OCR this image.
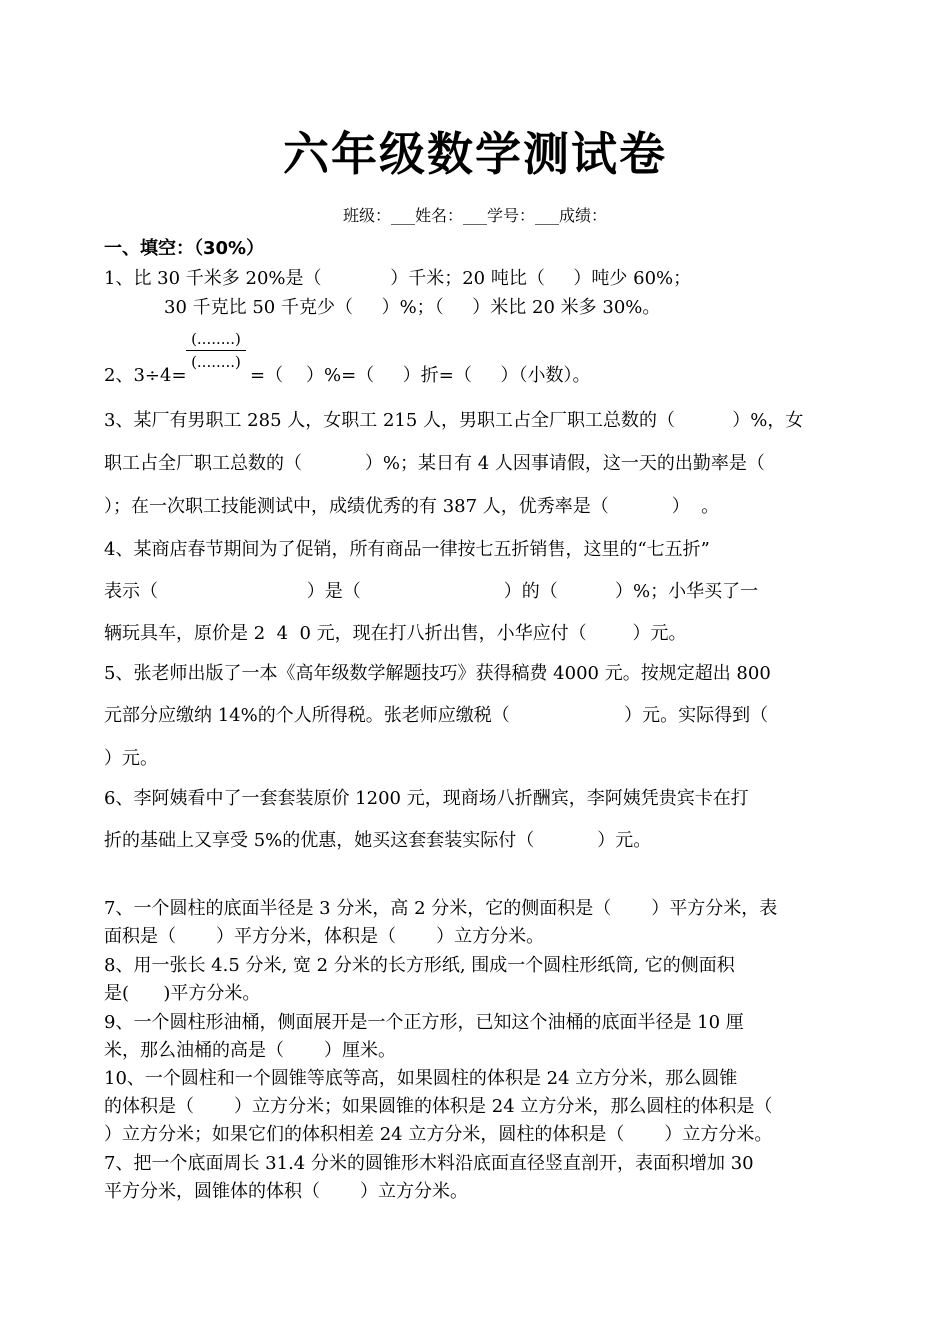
六年级数学测试卷
班级：___姓名：___学号：___成绩：
一、填空：（30%）
1、比 30 千米多 20%是（            ）千米；20 吨比（     ）吨少 60%；
30 千克比 50 千克少（     ）%；（     ）米比 20 米多 30%。
(........)
(........)
2、3÷4=	=（    ）%=（     ）折=（     ）（小数）。
3、某厂有男职工 285 人，女职工 215 人，男职工占全厂职工总数的（          ）%，女
职工占全厂职工总数的（           ）%；某日有 4 人因事请假，这一天的出勤率是（
）；在一次职工技能测试中，成绩优秀的有 387 人，优秀率是（           ）  。
4、某商店春节期间为了促销，所有商品一律按七五折销售，这里的“七五折”
表示（                          ）是（                         ）的（          ）%；小华买了一
辆玩具车，原价是 2  4  0 元，现在打八折出售，小华应付（        ）元。
5、张老师出版了一本《高年级数学解题技巧》获得稿费 4000 元。按规定超出 800
元部分应缴纳 14%的个人所得税。张老师应缴税（                    ）元。实际得到（
）元。
6、李阿姨看中了一套套装原价 1200 元，现商场八折酬宾，李阿姨凭贵宾卡在打
折的基础上又享受 5%的优惠，她买这套套装实际付（           ）元。
7、一个圆柱的底面半径是 3 分米，高 2 分米，它的侧面积是（       ）平方分米，表
面积是（       ）平方分米，体积是（       ）立方分米。
8、用一张长 4.5 分米, 宽 2 分米的长方形纸, 围成一个圆柱形纸筒, 它的侧面积
是(      )平方分米。
9、一个圆柱形油桶，侧面展开是一个正方形，已知这个油桶的底面半径是 10 厘
米，那么油桶的高是（       ）厘米。
10、一个圆柱和一个圆锥等底等高，如果圆柱的体积是 24 立方分米，那么圆锥
的体积是（       ）立方分米；如果圆锥的体积是 24 立方分米，那么圆柱的体积是（
）立方分米；如果它们的体积相差 24 立方分米，圆柱的体积是（       ）立方分米。
7、把一个底面周长 31.4 分米的圆锥形木料沿底面直径竖直剖开，表面积增加 30
平方分米，圆锥体的体积（       ）立方分米。
